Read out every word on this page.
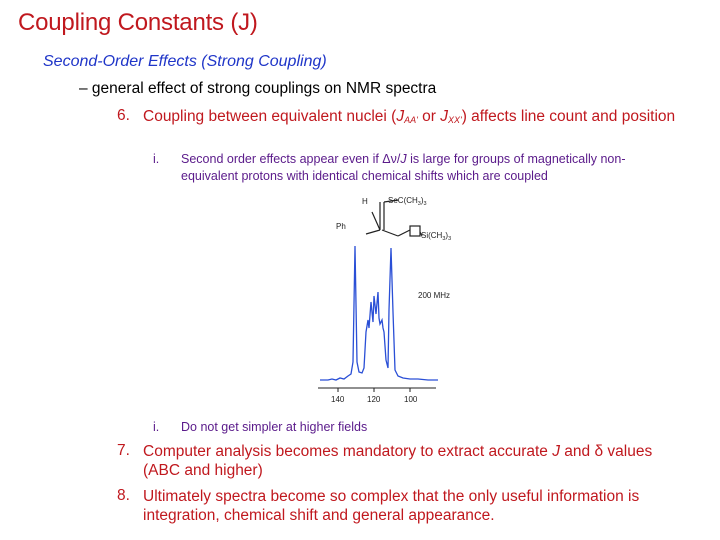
Coupling Constants (J)
Second-Order Effects (Strong Coupling)
– general effect of strong couplings on NMR spectra
6. Coupling between equivalent nuclei ($J_{AA'}$ or $J_{XX'}$) affects line count and position
i. Second order effects appear even if Δν/J is large for groups of magnetically non-equivalent protons with identical chemical shifts which are coupled
H	$SeC(CH_3)_3$
Ph
$Si(CH_3)_3$
200 MHz
140	120	100
i. Do not get simpler at higher fields
7. Computer analysis becomes mandatory to extract accurate J and δ values (ABC and higher)
8. Ultimately spectra become so complex that the only useful information is integration, chemical shift and general appearance.
